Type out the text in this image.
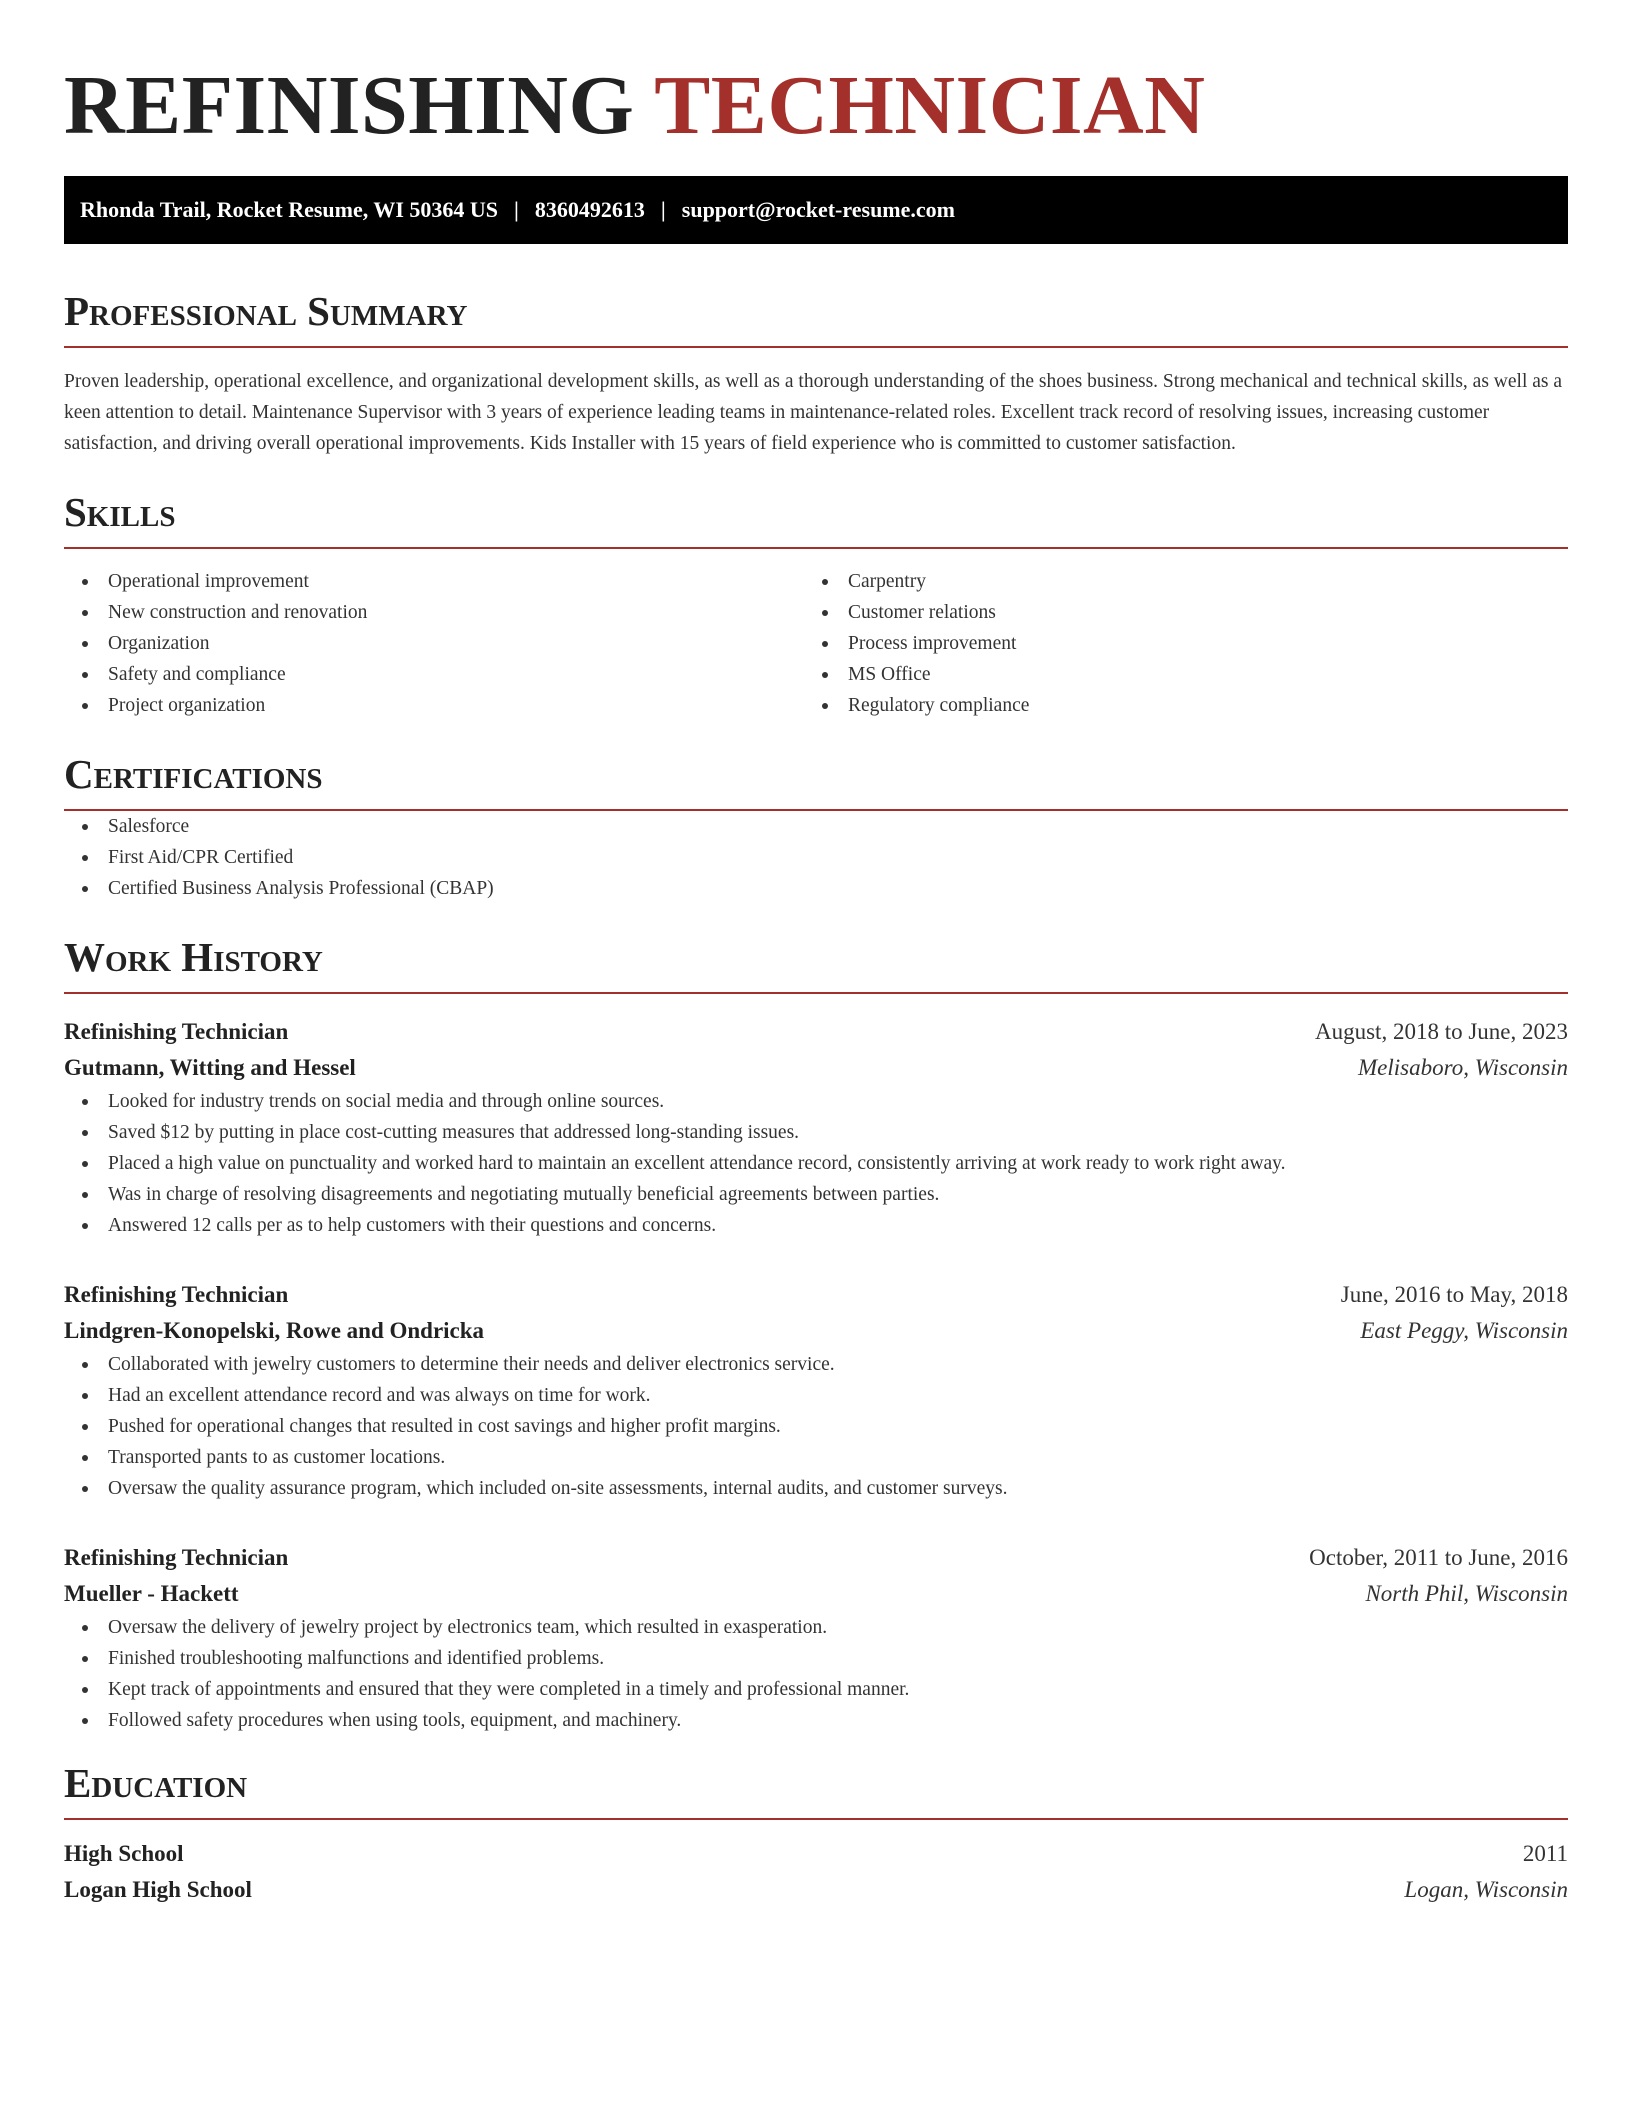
REFINISHING TECHNICIAN
Rhonda Trail, Rocket Resume, WI 50364 US | 8360492613 | support@rocket-resume.com
Professional Summary

Proven leadership, operational excellence, and organizational development skills, as well as a thorough understanding of the shoes business. Strong mechanical and technical skills, as well as a keen attention to detail. Maintenance Supervisor with 3 years of experience leading teams in maintenance-related roles. Excellent track record of resolving issues, increasing customer satisfaction, and driving overall operational improvements. Kids Installer with 15 years of field experience who is committed to customer satisfaction.

Skills
Operational improvement
New construction and renovation
Organization
Safety and compliance
Project organization
Carpentry
Customer relations
Process improvement
MS Office
Regulatory compliance
Certifications
Salesforce
First Aid/CPR Certified
Certified Business Analysis Professional (CBAP)
Work History
Refinishing Technician	August, 2018 to June, 2023
Gutmann, Witting and Hessel	Melisaboro, Wisconsin
Looked for industry trends on social media and through online sources.
Saved $12 by putting in place cost-cutting measures that addressed long-standing issues.
Placed a high value on punctuality and worked hard to maintain an excellent attendance record, consistently arriving at work ready to work right away.
Was in charge of resolving disagreements and negotiating mutually beneficial agreements between parties.
Answered 12 calls per as to help customers with their questions and concerns.
Refinishing Technician	June, 2016 to May, 2018
Lindgren-Konopelski, Rowe and Ondricka	East Peggy, Wisconsin
Collaborated with jewelry customers to determine their needs and deliver electronics service.
Had an excellent attendance record and was always on time for work.
Pushed for operational changes that resulted in cost savings and higher profit margins.
Transported pants to as customer locations.
Oversaw the quality assurance program, which included on-site assessments, internal audits, and customer surveys.
Refinishing Technician	October, 2011 to June, 2016
Mueller - Hackett	North Phil, Wisconsin
Oversaw the delivery of jewelry project by electronics team, which resulted in exasperation.
Finished troubleshooting malfunctions and identified problems.
Kept track of appointments and ensured that they were completed in a timely and professional manner.
Followed safety procedures when using tools, equipment, and machinery.
Education
High School	2011
Logan High School	Logan, Wisconsin
